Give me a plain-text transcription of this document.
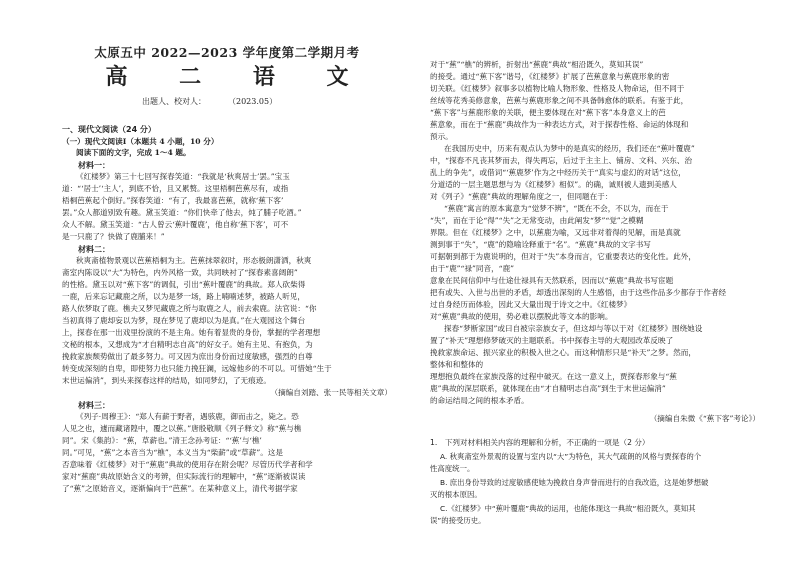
太原五中 2022—2023 学年度第二学期月考
高 二 语 文
出题人、校对人：	（2023.05）
一、现代文阅读（24 分）
（一）现代文阅读Ⅰ（本题共 4 小题，10 分）
阅读下面的文字，完成 1～4 题。
材料一：
《红楼梦》第三十七回写探春笑道：“我就是‘秋爽居士’罢。”宝玉
道：“‘居士’‘主人’，到底不恰，且又累赘。这里梧桐芭蕉尽有，或指
梧桐芭蕉起个倒好。”探春笑道：“有了，我最喜芭蕉，就称‘蕉下客’
罢。”众人都道别致有趣。黛玉笑道：“你们快牵了他去，炖了脯子吃酒。”
众人不解。黛玉笑道：“古人曾云‘蕉叶覆鹿’，他自称‘蕉下客’，可不
是一只鹿了？快做了鹿脯来！”
材料二：
秋爽斋植物景观以芭蕉梧桐为主。芭蕉抹翠叙时，形态极朗潇洒，秋爽
斋室内陈设以“大”为特色，内外风格一致，共同映衬了“探春素喜阔朗”
的性格。黛玉以对“蕉下客”的调侃，引出“蕉叶覆鹿”的典故。郑人砍柴得
一鹿，后来忘记藏鹿之所，以为是梦一场，路上喃喃述梦，被路人听见，
路人依梦取了鹿。樵夫又梦见藏鹿之所与取鹿之人，前去索鹿。法官说：“你
当初真得了鹿却妄以为梦，现在梦见了鹿却以为是真。”在大观园这个舞台
上，探春在那一出戏里扮演的不是主角。她有着显贵的身份，掌握的学者理想
文秘的根本，又想成为“才自精明志自高”的好女子。她有主见、有抱负，为
挽救家族颓势做出了最多努力。可又因为庶出身份而过度敏感，强烈的自尊
转变成深刻的自卑，即使努力也只能力挽狂澜，远嫁他乡的不可以。可惜她“生于
末世运偏消”，到头来探春这样的结局，如同梦幻，了无痕迹。
（摘编自刘踏、张一民等相关文章）
材料三：
《列子·周穆王》：“郑人有薪于野者，遇骇鹿，御而击之，毙之。恐
人见之也，遽而藏诸隍中，覆之以蕉。”唐殷敬顺《列子释文》称“蕉与樵
同”。宋《集韵》：“蕉，草薪也。”清王念孙考证：“‘蕉’与‘樵’
同。”可见，“蕉”之本音当为“樵”，本义当为“柴薪”或“草薪”。这是
否意味着《红楼梦》对于“蕉鹿”典故的使用存在附会呢？尽管历代学者和学
家对“蕉鹿”典故原始含义的考辨，但实际流行的理解中，“蕉”逐渐被误读
了“蕉”之原始音义，逐渐偏向于“芭蕉”。在某种意义上，清代考据学家
对于“蕉”“樵”的辨析，折射出“蕉鹿”典故“相沿既久，莫知其误”
的接受。通过“蕉下客”谐号，《红楼梦》扩展了芭蕉意象与蕉鹿形象的密
切关联。《红楼梦》叙事多以植物比喻人物形象、性格及人物命运，但不同于
丝绒等花秀美修意象，芭蕉与蕉鹿形象之间不具备韩愈体的联系。有鉴于此，
“蕉下客”与蕉鹿形象的关联，便主要体现在对“蕉下客”本身意义上的芭
蕉意象，而在于“蕉鹿”典故作为一种表达方式，对于探春性格、命运的体现和
预示。
在我国历史中，历来有观点认为梦中的是真实的经历，我们还在“蕉叶覆鹿”
中，“探春不凡丧其梦而去，得失两忘，后过于主主上、铺房、文科、兴东、治
乱上的争先”，或借词“‘蕉鹿梦’作为之中经历关于“真实与虚幻的对话”这位，
分道适的一层主题思想与为《红楼梦》相似”。的确，诚则被人遗到美感人
对《列子》“蕉鹿”典故的理解角度之一，但同题在于：
“蕉鹿”寓言的原本寓意为“觉梦不辨”，“既在不会，不以为，而在于
“失”，而在于论“得”“失”之无常变动，由此阐发“梦”“觉”之模糊
界限。但在《红楼梦》之中，以蕉鹿为喻，又远非对着得的见解，而是真就
测到事于“失”，“鹿”的隐喻诠释重于“名”。“蕉鹿”典故的文字书写
可据朝到都于为鹿说明的，但对于“失”本身而言，它重要表达的变化性。此外，
由于“鹿”“禄”同音，“鹿”
意象在民间信仰中与仕途仕禄具有天然联系，因而以“蕉鹿”典故书写宦题
把有或失、入世与出世的矛盾，却透出深刻的人生感悟，由于这些作品多少都存于作者经
过自身经历而体验，因此又大量出现于诗文之中。《红楼梦》
对“蕉鹿”典故的使用，势必难以摆脱此等文本的影响。
探春“梦断家国”或曰自被宗亲族女子，但这却与等以于对《红楼梦》围绕她设
置了“补天”理想修梦破灭的主题联系。书中探春主导的大观园改革反映了
挽救家族命运、振兴家业的积极入世之心。而这种情形只是“补天”之梦。然而，
整体和和整体的
理想抱负最终在家族没落的过程中破灭。在这一意义上，贾探春形象与“蕉
鹿”典故的深层联系，就体现在由“才自精明志自高”到生于末世运偏消”
的命运结局之间的根本矛盾。
（摘编自朱微《“蕉下客”考论》）
1.　下列对材料相关内容的理解和分析，不正确的一项是（2 分）
A. 秋爽斋室外景观的设置与室内以“大”为特色，其大气疏朗的风格与贾探春的个
性高度统一。
B. 庶出身份导致的过度敏感使她为挽救自身声誉而进行的自我改造，这是她梦想破
灭的根本原因。
C.《红楼梦》中“蕉叶覆鹿”典故的运用，也能体现这一典故“相沿既久，莫知其
误”的接受历史。
